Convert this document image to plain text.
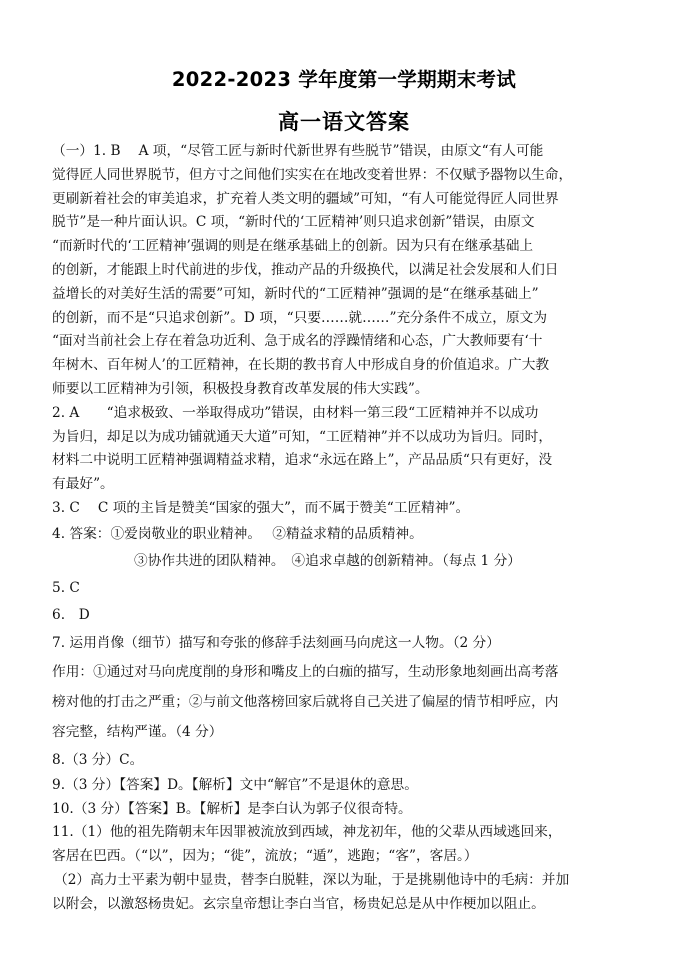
2022-2023 学年度第一学期期末考试
高一语文答案
（一）1. B　 A 项，“尽管工匠与新时代新世界有些脱节”错误，由原文“有人可能
觉得匠人同世界脱节，但方寸之间他们实实在在地改变着世界：不仅赋予器物以生命，
更刷新着社会的审美追求，扩充着人类文明的疆域”可知，“有人可能觉得匠人同世界
脱节”是一种片面认识。C 项，“新时代的‘工匠精神’则只追求创新”错误，由原文
“而新时代的‘工匠精神’强调的则是在继承基础上的创新。因为只有在继承基础上
的创新，才能跟上时代前进的步伐，推动产品的升级换代，以满足社会发展和人们日
益增长的对美好生活的需要”可知，新时代的“工匠精神”强调的是“在继承基础上”
的创新，而不是“只追求创新”。D 项，“只要……就……”充分条件不成立，原文为
“面对当前社会上存在着急功近利、急于成名的浮躁情绪和心态，广大教师要有‘十
年树木、百年树人’的工匠精神，在长期的教书育人中形成自身的价值追求。广大教
师要以工匠精神为引领，积极投身教育改革发展的伟大实践”。
2. A　　“追求极致、一举取得成功”错误，由材料一第三段“工匠精神并不以成功
为旨归，却足以为成功铺就通天大道”可知，“工匠精神”并不以成功为旨归。同时，
材料二中说明工匠精神强调精益求精，追求“永远在路上”，产品品质“只有更好，没
有最好”。
3. C　 C 项的主旨是赞美“国家的强大”，而不属于赞美“工匠精神”。
4. 答案：①爱岗敬业的职业精神。　 ②精益求精的品质精神。
③协作共进的团队精神。　④追求卓越的创新精神。（每点 1 分）
5. C
6.　D
7. 运用肖像（细节）描写和夸张的修辞手法刻画马向虎这一人物。（2 分）
作用：①通过对马向虎度削的身形和嘴皮上的白痂的描写，生动形象地刻画出高考落
榜对他的打击之严重；②与前文他落榜回家后就将自己关进了偏屋的情节相呼应，内
容完整，结构严谨。（4 分）
8.（3 分）C。
9.（3 分）【答案】D。【解析】文中“解官”不是退休的意思。
10.（3 分）【答案】B。【解析】是李白认为郭子仪很奇特。
11.（1）他的祖先隋朝末年因罪被流放到西域，神龙初年，他的父辈从西域逃回来，
客居在巴西。（“以”，因为；“徙”，流放；“遁”，逃跑；“客”，客居。）
（2）高力士平素为朝中显贵，替李白脱鞋，深以为耻，于是挑剔他诗中的毛病：并加
以附会，以激怒杨贵妃。玄宗皇帝想让李白当官，杨贵妃总是从中作梗加以阻止。
